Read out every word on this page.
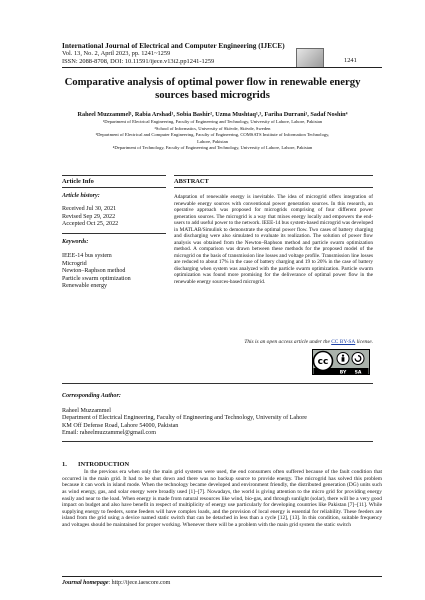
International Journal of Electrical and Computer Engineering (IJECE)
Vol. 13, No. 2, April 2023, pp. 1241~1259
ISSN: 2088-8708, DOI: 10.11591/ijece.v13i2.pp1241-1259	1241
Comparative analysis of optimal power flow in renewable energy sources based microgrids
Raheel Muzzammel¹, Rabia Arshad¹, Sobia Bashir², Uzma Mushtaq¹,³, Fariha Durrani¹, Sadaf Noshin⁴
¹Department of Electrical Engineering, Faculty of Engineering and Technology, University of Lahore, Lahore, Pakistan
²School of Informatics, University of Skövde, Skövde, Sweden
³Department of Electrical and Computer Engineering, Faculty of Engineering, COMSATS Institute of Information Technology,
Lahore, Pakistan
⁴Department of Technology, Faculty of Engineering and Technology, University of Lahore, Lahore, Pakistan
Article Info
Article history:
Received Jul 30, 2021
Revised Sep 29, 2022
Accepted Oct 25, 2022
Keywords:
IEEE-14 bus system
Microgrid
Newton–Raphson method
Particle swarm optimization
Renewable energy
ABSTRACT
Adaptation of renewable energy is inevitable. The idea of microgrid offers integration of renewable energy sources with conventional power generation sources. In this research, an operative approach was proposed for microgrids comprising of four different power generation sources. The microgrid is a way that mixes energy locally and empowers the end-users to add useful power to the network. IEEE-14 bus system-based microgrid was developed in MATLAB/Simulink to demonstrate the optimal power flow. Two cases of battery charging and discharging were also simulated to evaluate its realization. The solution of power flow analysis was obtained from the Newton–Raphson method and particle swarm optimization method. A comparison was drawn between these methods for the proposed model of the microgrid on the basis of transmission line losses and voltage profile. Transmission line losses are reduced to about 17% in the case of battery charging and 19 to 20% in the case of battery discharging when system was analyzed with the particle swarm optimization. Particle swarm optimization was found more promising for the deliverance of optimal power flow in the renewable energy sources-based microgrid.
This is an open access article under the CC BY-SA license.
cc
BY SA
Corresponding Author:
Raheel Muzzammel
Department of Electrical Engineering, Faculty of Engineering and Technology, University of Lahore
KM Off Defense Road, Lahore 54000, Pakistan
Email: raheelmuzzammel@gmail.com
1.       INTRODUCTION
In the previous era when only the main grid systems were used, the end consumers often suffered because of the fault condition that occurred in the main grid. It had to be shut down and there was no backup source to provide energy. The microgrid has solved this problem because it can work in island mode. When the technology became developed and environment friendly, the distributed generation (DG) units such as wind energy, gas, and solar energy were broadly used [1]–[7]. Nowadays, the world is giving attention to the micro grid for providing energy easily and near to the load. When energy is made from natural resources like wind, bio-gas, and through sunlight (solar), there will be a very good impact on budget and also have benefit in respect of multiplicity of energy use particularly for developing countries like Pakistan [7]–[11]. While supplying energy to feeders, some feeders will have complex loads, and the provision of local energy is essential for reliability. These feeders are island from the grid using a device named static switch that can be detached in less than a cycle [12], [13]. In this condition, suitable frequency and voltages should be maintained for proper working. Whenever there will be a problem with the main grid system the static switch
Journal homepage: http://ijece.iaescore.com
